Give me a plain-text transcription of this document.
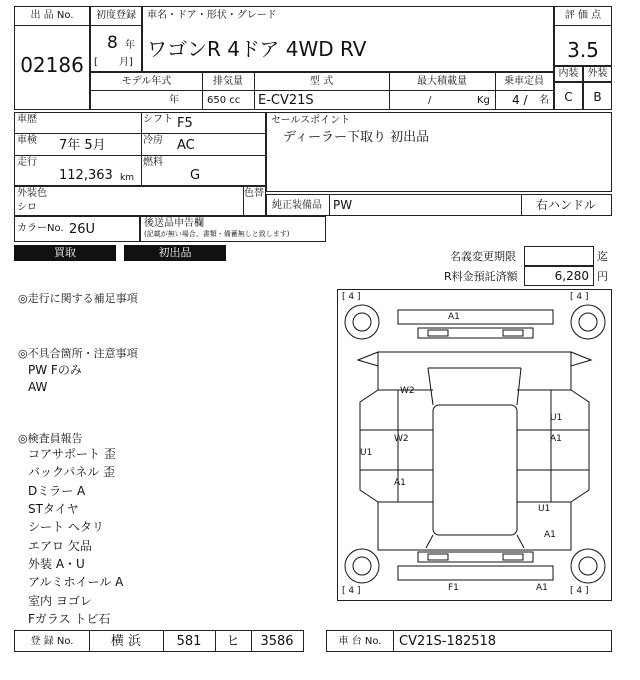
出 品 No.
02186
初度登録
8 年
[ 月]
車名・ドア・形状・グレード
ワゴンR 4ドア 4WD RV
評 価 点
3.5
内装 外装
C	B
モデル年式
年
排気量
650 cc
型 式
E-CV21S
最大積載量
/	Kg
乗車定員
4 / 名
車歴	シフト F5
車検 7年 5月	冷房 AC
走行
112,363 km
燃料
G
セールスポイント
ディーラー下取り 初出品
外装色
シロ
色替
純正装備品 PW	右ハンドル
カラーNo. 26U	後送品申告欄
(記載が無い場合、書類・備蓄無しと致します)
買取	初出品	名義変更期限	迄
R料金預託済額	6,280 円
◎走行に関する補足事項
◎不具合箇所・注意事項
PW Fのみ
AW
◎検査員報告
コアサポート 歪
バックパネル 歪
Dミラー A
STタイヤ
シート ヘタリ
エアロ 欠品
外装 A・U
アルミホイール A
室内 ヨゴレ
Fガラス トビ石
[ 4 ]	[ 4 ]
[ 4 ]	[ 4 ]
A1
W2
W2
U1
A1
U1
A1
U1
A1
F1	A1
登 録 No.	横 浜	581	ヒ	3586	車 台 No.	CV21S-182518
